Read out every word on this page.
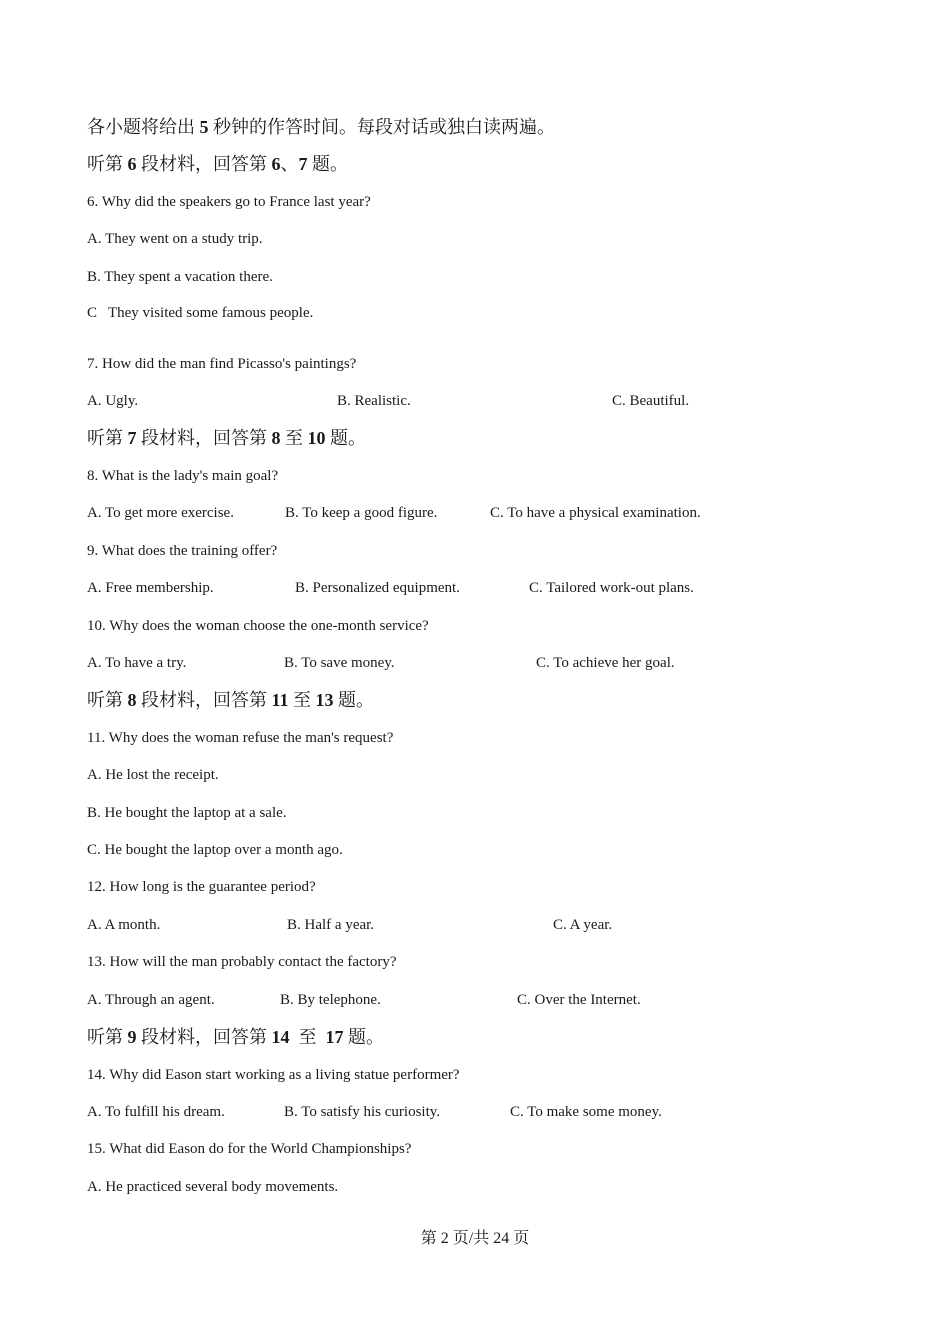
各小题将给出 5 秒钟的作答时间。每段对话或独白读两遍。
听第 6 段材料，回答第 6、7 题。
6. Why did the speakers go to France last year?
A. They went on a study trip.
B. They spent a vacation there.
C   They visited some famous people.
7. How did the man find Picasso's paintings?
A. Ugly.	B. Realistic.	C. Beautiful.
听第 7 段材料，回答第 8 至 10 题。
8. What is the lady's main goal?
A. To get more exercise.	B. To keep a good figure.	C. To have a physical examination.
9. What does the training offer?
A. Free membership.	B. Personalized equipment.	C. Tailored work-out plans.
10. Why does the woman choose the one-month service?
A. To have a try.	B. To save money.	C. To achieve her goal.
听第 8 段材料，回答第 11 至 13 题。
11. Why does the woman refuse the man's request?
A. He lost the receipt.
B. He bought the laptop at a sale.
C. He bought the laptop over a month ago.
12. How long is the guarantee period?
A. A month.	B. Half a year.	C. A year.
13. How will the man probably contact the factory?
A. Through an agent.	B. By telephone.	C. Over the Internet.
听第 9 段材料，回答第 14  至  17 题。
14. Why did Eason start working as a living statue performer?
A. To fulfill his dream.	B. To satisfy his curiosity.	C. To make some money.
15. What did Eason do for the World Championships?
A. He practiced several body movements.
第 2 页/共 24 页
